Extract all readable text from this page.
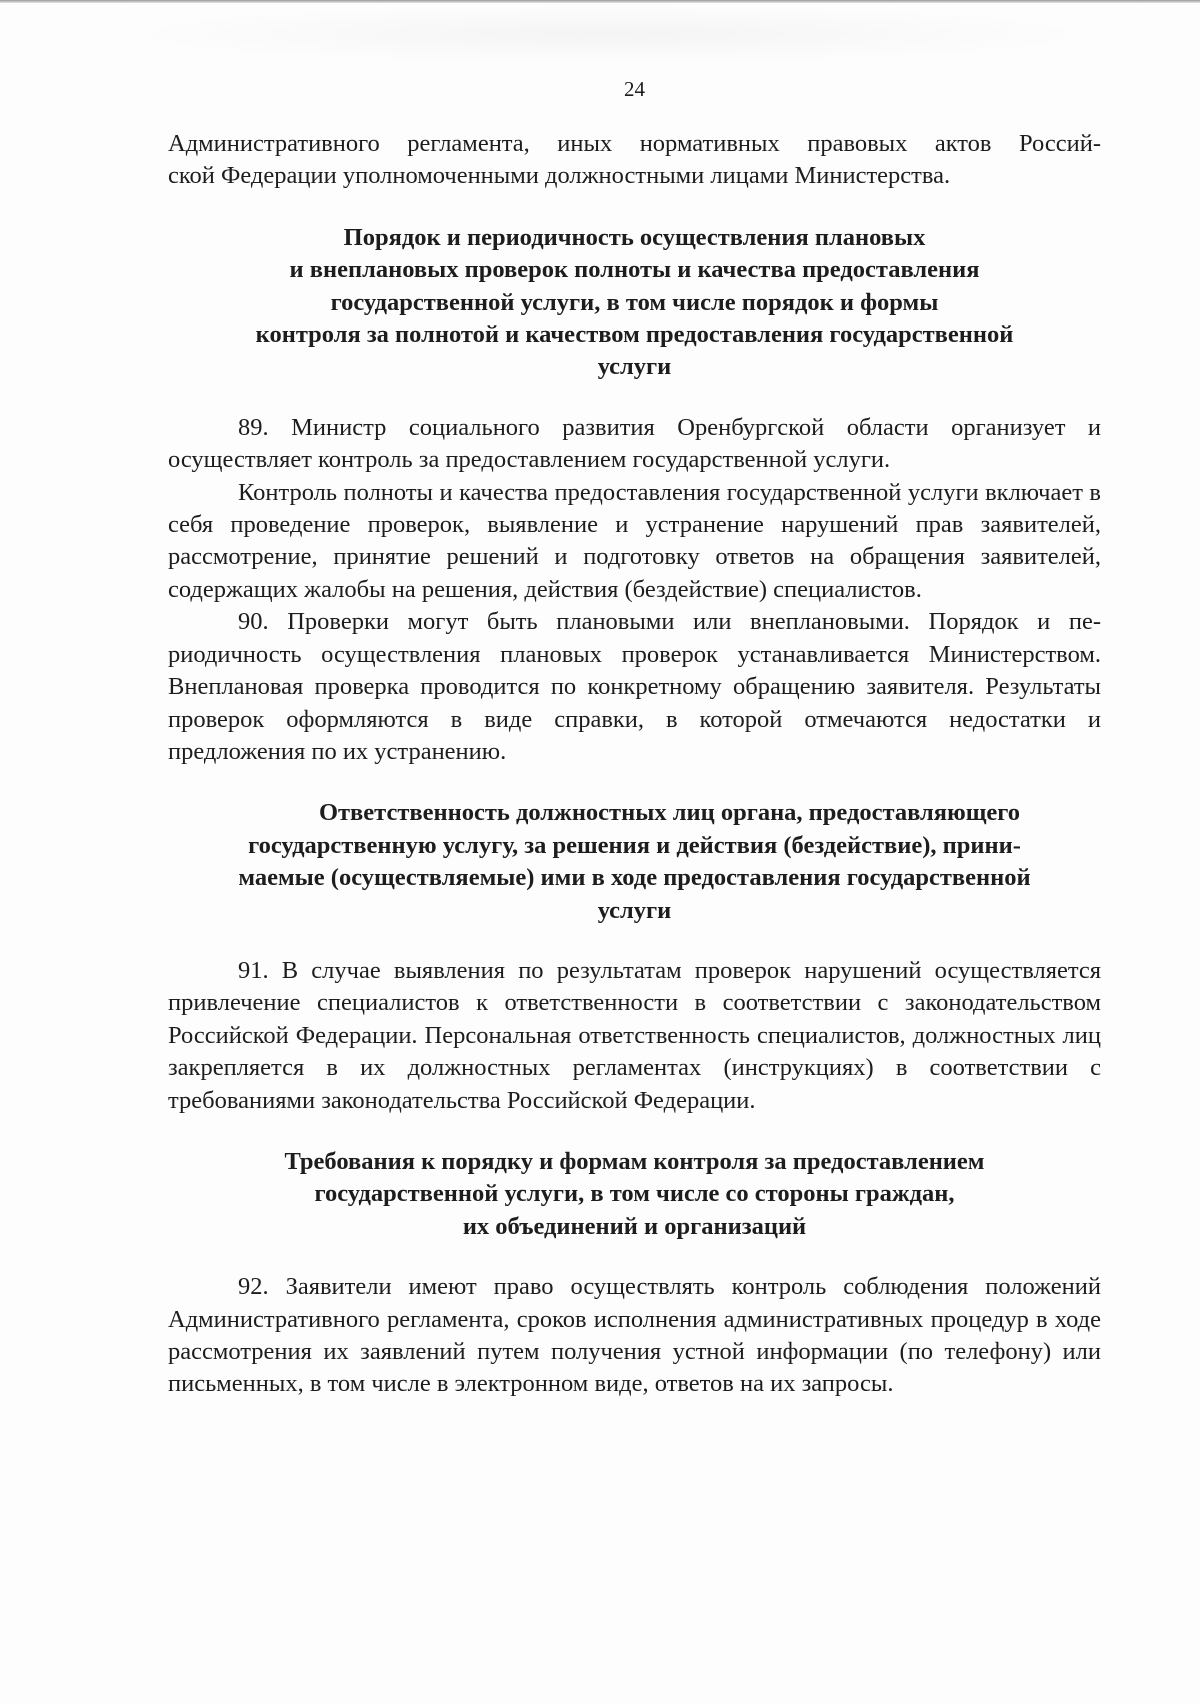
24

Административного регламента, иных нормативных правовых актов Россий-
ской Федерации уполномоченными должностными лицами Министерства.

Порядок и периодичность осуществления плановых
и внеплановых проверок полноты и качества предоставления
государственной услуги, в том числе порядок и формы
контроля за полнотой и качеством предоставления государственной
услуги

89. Министр социального развития Оренбургской области организует и осуществляет контроль за предоставлением государственной услуги.

Контроль полноты и качества предоставления государственной услуги включает в себя проведение проверок, выявление и устранение нарушений прав заявителей, рассмотрение, принятие решений и подготовку ответов на обращения заявителей, содержащих жалобы на решения, действия (бездействие) специалистов.

90. Проверки могут быть плановыми или внеплановыми. Порядок и периодичность осуществления плановых проверок устанавливается Министерством. Внеплановая проверка проводится по конкретному обращению заявителя. Результаты проверок оформляются в виде справки, в которой отмечаются недостатки и предложения по их устранению.

Ответственность должностных лиц органа, предоставляющего
государственную услугу, за решения и действия (бездействие), прини-
маемые (осуществляемые) ими в ходе предоставления государственной
услуги

91. В случае выявления по результатам проверок нарушений осуществляется привлечение специалистов к ответственности в соответствии с законодательством Российской Федерации. Персональная ответственность специалистов, должностных лиц закрепляется в их должностных регламентах (инструкциях) в соответствии с требованиями законодательства Российской Федерации.

Требования к порядку и формам контроля за предоставлением
государственной услуги, в том числе со стороны граждан,
их объединений и организаций

92. Заявители имеют право осуществлять контроль соблюдения положений Административного регламента, сроков исполнения административных процедур в ходе рассмотрения их заявлений путем получения устной информации (по телефону) или письменных, в том числе в электронном виде, ответов на их запросы.
